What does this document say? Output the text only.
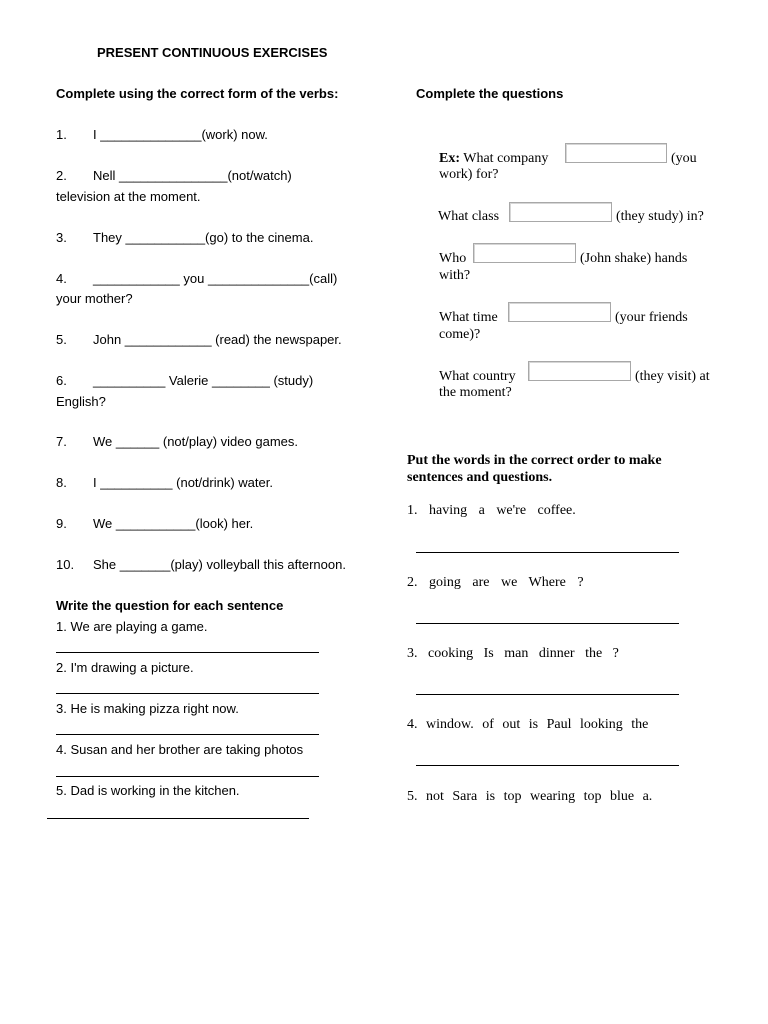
PRESENT CONTINUOUS EXERCISES
Complete using the correct form of the verbs:
1. I ______________(work) now.
2. Nell _______________(not/watch)
television at the moment.
3. They ___________(go) to the cinema.
4. ____________ you ______________(call)
your mother?
5. John ____________ (read) the newspaper.
6. __________ Valerie ________ (study)
English?
7. We ______ (not/play) video games.
8. I __________ (not/drink) water.
9. We ___________(look) her.
10. She _______(play) volleyball this afternoon.
Write the question for each sentence
1. We are playing a game.
2. I'm drawing a picture.
3. He is making pizza right now.
4. Susan and her brother are taking photos
5. Dad is working in the kitchen.
Complete the questions
Ex: What company	(you
work) for?
What class	(they study) in?
Who	(John shake) hands
with?
What time	(your friends
come)?
What country	(they visit) at
the moment?
Put the words in the correct order to make
sentences and questions.
1. having a we're coffee.
2. going are we Where ?
3. cooking Is man dinner the ?
4. window. of out is Paul looking the
5. not Sara is top wearing top blue a.
